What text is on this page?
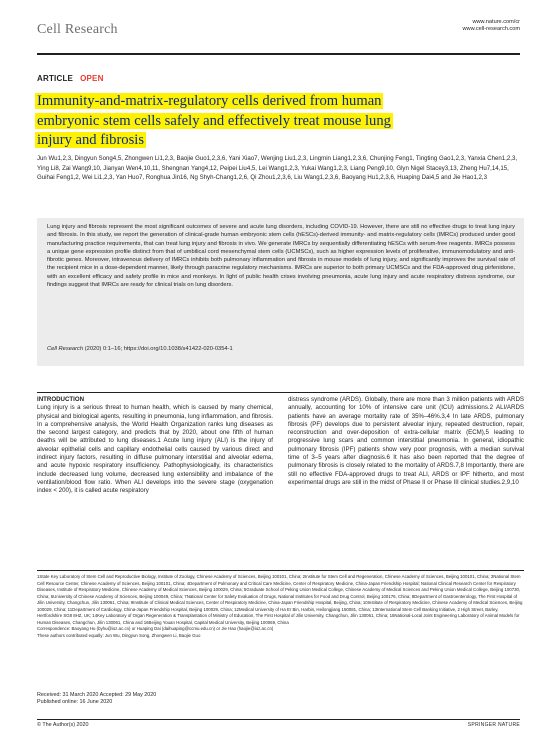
Cell Research	www.nature.com/cr
www.cell-research.com
ARTICLE OPEN
Immunity-and-matrix-regulatory cells derived from human
embryonic stem cells safely and effectively treat mouse lung
injury and fibrosis
Jun Wu1,2,3, Dingyun Song4,5, Zhongwen Li1,2,3, Baojie Guo1,2,3,6, Yani Xiao7, Wenjing Liu1,2,3, Lingmin Liang1,2,3,6, Chunjing Feng1, Tingting Gao1,2,3, Yanxia Chen1,2,3, Ying Li8, Zai Wang9,10, Jianyan Wen4,10,11, Shengnan Yang4,12, Peipei Liu4,5, Lei Wang1,2,3, Yukai Wang1,2,3, Liang Peng9,10, Glyn Nigel Stacey3,13, Zheng Hu7,14,15, Guihai Feng1,2, Wei Li1,2,3, Yan Huo7, Ronghua Jin16, Ng Shyh-Chang1,2,6, Qi Zhou1,2,3,6, Liu Wang1,2,3,6, Baoyang Hu1,2,3,6, Huaping Dai4,5 and Jie Hao1,2,3
Lung injury and fibrosis represent the most significant outcomes of severe and acute lung disorders, including COVID-19. However, there are still no effective drugs to treat lung injury and fibrosis. In this study, we report the generation of clinical-grade human embryonic stem cells (hESCs)-derived immunity- and matrix-regulatory cells (IMRCs) produced under good manufacturing practice requirements, that can treat lung injury and fibrosis in vivo. We generate IMRCs by sequentially differentiating hESCs with serum-free reagents. IMRCs possess a unique gene expression profile distinct from that of umbilical cord mesenchymal stem cells (UCMSCs), such as higher expression levels of proliferative, immunomodulatory and anti-fibrotic genes. Moreover, intravenous delivery of IMRCs inhibits both pulmonary inflammation and fibrosis in mouse models of lung injury, and significantly improves the survival rate of the recipient mice in a dose-dependent manner, likely through paracrine regulatory mechanisms. IMRCs are superior to both primary UCMSCs and the FDA-approved drug pirfenidone, with an excellent efficacy and safety profile in mice and monkeys. In light of public health crises involving pneumonia, acute lung injury and acute respiratory distress syndrome, our findings suggest that IMRCs are ready for clinical trials on lung disorders.
Cell Research (2020) 0:1–16; https://doi.org/10.1038/s41422-020-0354-1
INTRODUCTION

Lung injury is a serious threat to human health, which is caused by many chemical, physical and biological agents, resulting in pneumonia, lung inflammation, and fibrosis. In a comprehensive analysis, the World Health Organization ranks lung diseases as the second largest category, and predicts that by 2020, about one fifth of human deaths will be attributed to lung diseases.1 Acute lung injury (ALI) is the injury of alveolar epithelial cells and capillary endothelial cells caused by various direct and indirect injury factors, resulting in diffuse pulmonary interstitial and alveolar edema, and acute hypoxic respiratory insufficiency. Pathophysiologically, its characteristics include decreased lung volume, decreased lung extensibility and imbalance of the ventilation/blood flow ratio. When ALI develops into the severe stage (oxygenation index < 200), it is called acute respiratory

distress syndrome (ARDS). Globally, there are more than 3 million patients with ARDS annually, accounting for 10% of intensive care unit (ICU) admissions.2 ALI/ARDS patients have an average mortality rate of 35%–46%.3,4 In late ARDS, pulmonary fibrosis (PF) develops due to persistent alveolar injury, repeated destruction, repair, reconstruction and over-deposition of extra-cellular matrix (ECM),5 leading to progressive lung scars and common interstitial pneumonia. In general, idiopathic pulmonary fibrosis (IPF) patients show very poor prognosis, with a median survival time of 3–5 years after diagnosis.6 It has also been reported that the degree of pulmonary fibrosis is closely related to the mortality of ARDS.7,8 Importantly, there are still no effective FDA-approved drugs to treat ALI, ARDS or IPF hitherto, and most experimental drugs are still in the midst of Phase II or Phase III clinical studies.2,9,10

1State Key Laboratory of Stem Cell and Reproductive Biology, Institute of Zoology, Chinese Academy of Sciences, Beijing 100101, China; 2Institute for Stem Cell and Regeneration, Chinese Academy of Sciences, Beijing 100101, China; 3National Stem Cell Resource Center, Chinese Academy of Sciences, Beijing 100101, China; 4Department of Pulmonary and Critical Care Medicine, Center of Respiratory Medicine, China-Japan Friendship Hospital; National Clinical Research Center for Respiratory Diseases, Institute of Respiratory Medicine, Chinese Academy of Medical Sciences, Beijing 100029, China; 5Graduate School of Peking Union Medical College, Chinese Academy of Medical Sciences and Peking Union Medical College, Beijing 100730, China; 6University of Chinese Academy of Sciences, Beijing 100049, China; 7National Center for Safety Evaluation of Drugs, National Institutes for Food and Drug Control, Beijing 100176, China; 8Department of Gastroenterology, The First Hospital of Jilin University, Changchun, Jilin 130061, China; 9Institute of Clinical Medical Sciences, Center of Respiratory Medicine, China-Japan Friendship Hospital, Beijing, China; 10Institute of Respiratory Medicine, Chinese Academy of Medical Sciences, Beijing 100029, China; 11Department of Cardiology, China-Japan Friendship Hospital, Beijing 100029, China; 12Medical University of Ha Er Bin, Harbin, Heilongjiang 150081, China; 13International Stem Cell Banking Initiative, 2 High Street, Barley, Hertfordshire SG8 8HZ, UK; 14Key Laboratory of Organ Regeneration & Transplantation of Ministry of Education, The First Hospital of Jilin University, Changchun, Jilin 130061, China; 15National-Local Joint Engineering Laboratory of Animal Models for Human Diseases, Changchun, Jilin 130061, China and 16Beijing Youan Hospital, Capital Medical University, Beijing 100069, China
Correspondence: Baoyang Hu (byhu@ioz.ac.cn) or Huaping Dai (daihuaping@ccmu.edu.cn) or Jie Hao (haojie@ioz.ac.cn)
These authors contributed equally: Jun Wu, Dingyun Song, Zhongwen Li, Baojie Guo
Received: 31 March 2020 Accepted: 29 May 2020
Published online: 16 June 2020
© The Author(s) 2020	SPRINGER NATURE
